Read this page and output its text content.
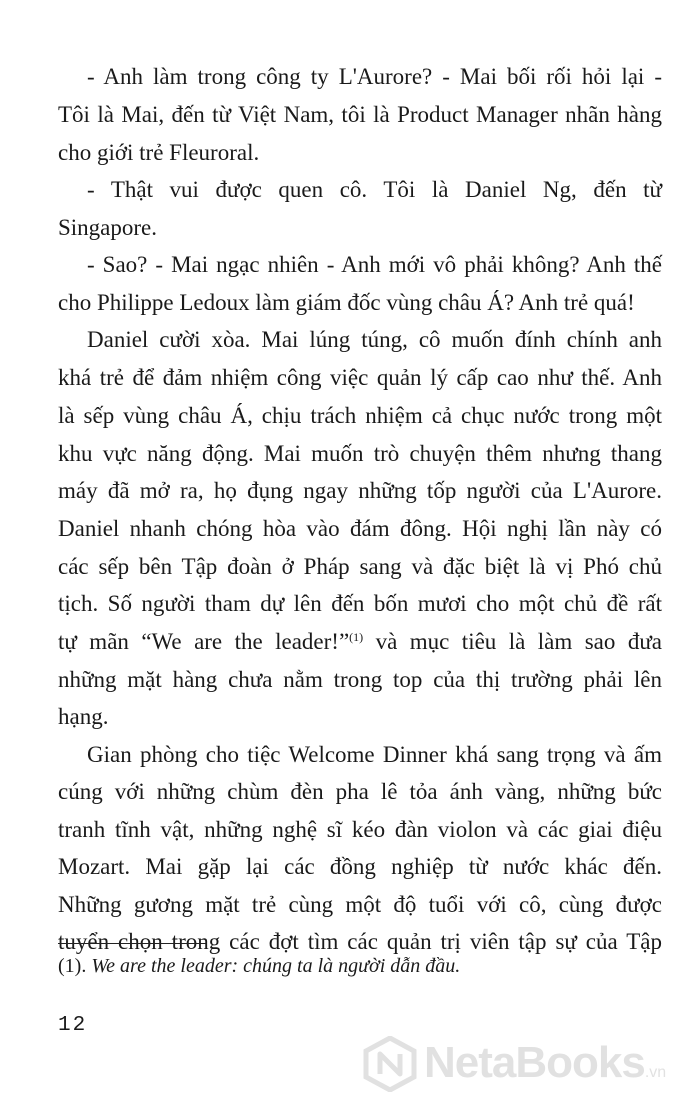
- Anh làm trong công ty L'Aurore? - Mai bối rối hỏi lại -
Tôi là Mai, đến từ Việt Nam, tôi là Product Manager nhãn hàng
cho giới trẻ Fleuroral.
- Thật vui được quen cô. Tôi là Daniel Ng, đến từ
Singapore.
- Sao? - Mai ngạc nhiên - Anh mới vô phải không? Anh thế
cho Philippe Ledoux làm giám đốc vùng châu Á? Anh trẻ quá!
Daniel cười xòa. Mai lúng túng, cô muốn đính chính anh
khá trẻ để đảm nhiệm công việc quản lý cấp cao như thế. Anh
là sếp vùng châu Á, chịu trách nhiệm cả chục nước trong một
khu vực năng động. Mai muốn trò chuyện thêm nhưng thang
máy đã mở ra, họ đụng ngay những tốp người của L'Aurore.
Daniel nhanh chóng hòa vào đám đông. Hội nghị lần này có
các sếp bên Tập đoàn ở Pháp sang và đặc biệt là vị Phó chủ
tịch. Số người tham dự lên đến bốn mươi cho một chủ đề rất
tự mãn “We are the leader!”$^{(1)}$ và mục tiêu là làm sao đưa
những mặt hàng chưa nằm trong top của thị trường phải lên
hạng.
Gian phòng cho tiệc Welcome Dinner khá sang trọng và ấm
cúng với những chùm đèn pha lê tỏa ánh vàng, những bức
tranh tĩnh vật, những nghệ sĩ kéo đàn violon và các giai điệu
Mozart. Mai gặp lại các đồng nghiệp từ nước khác đến.
Những gương mặt trẻ cùng một độ tuổi với cô, cùng được
tuyển chọn trong các đợt tìm các quản trị viên tập sự của Tập
(1). We are the leader: chúng ta là người dẫn đầu.
12
NetaBooks.vn
